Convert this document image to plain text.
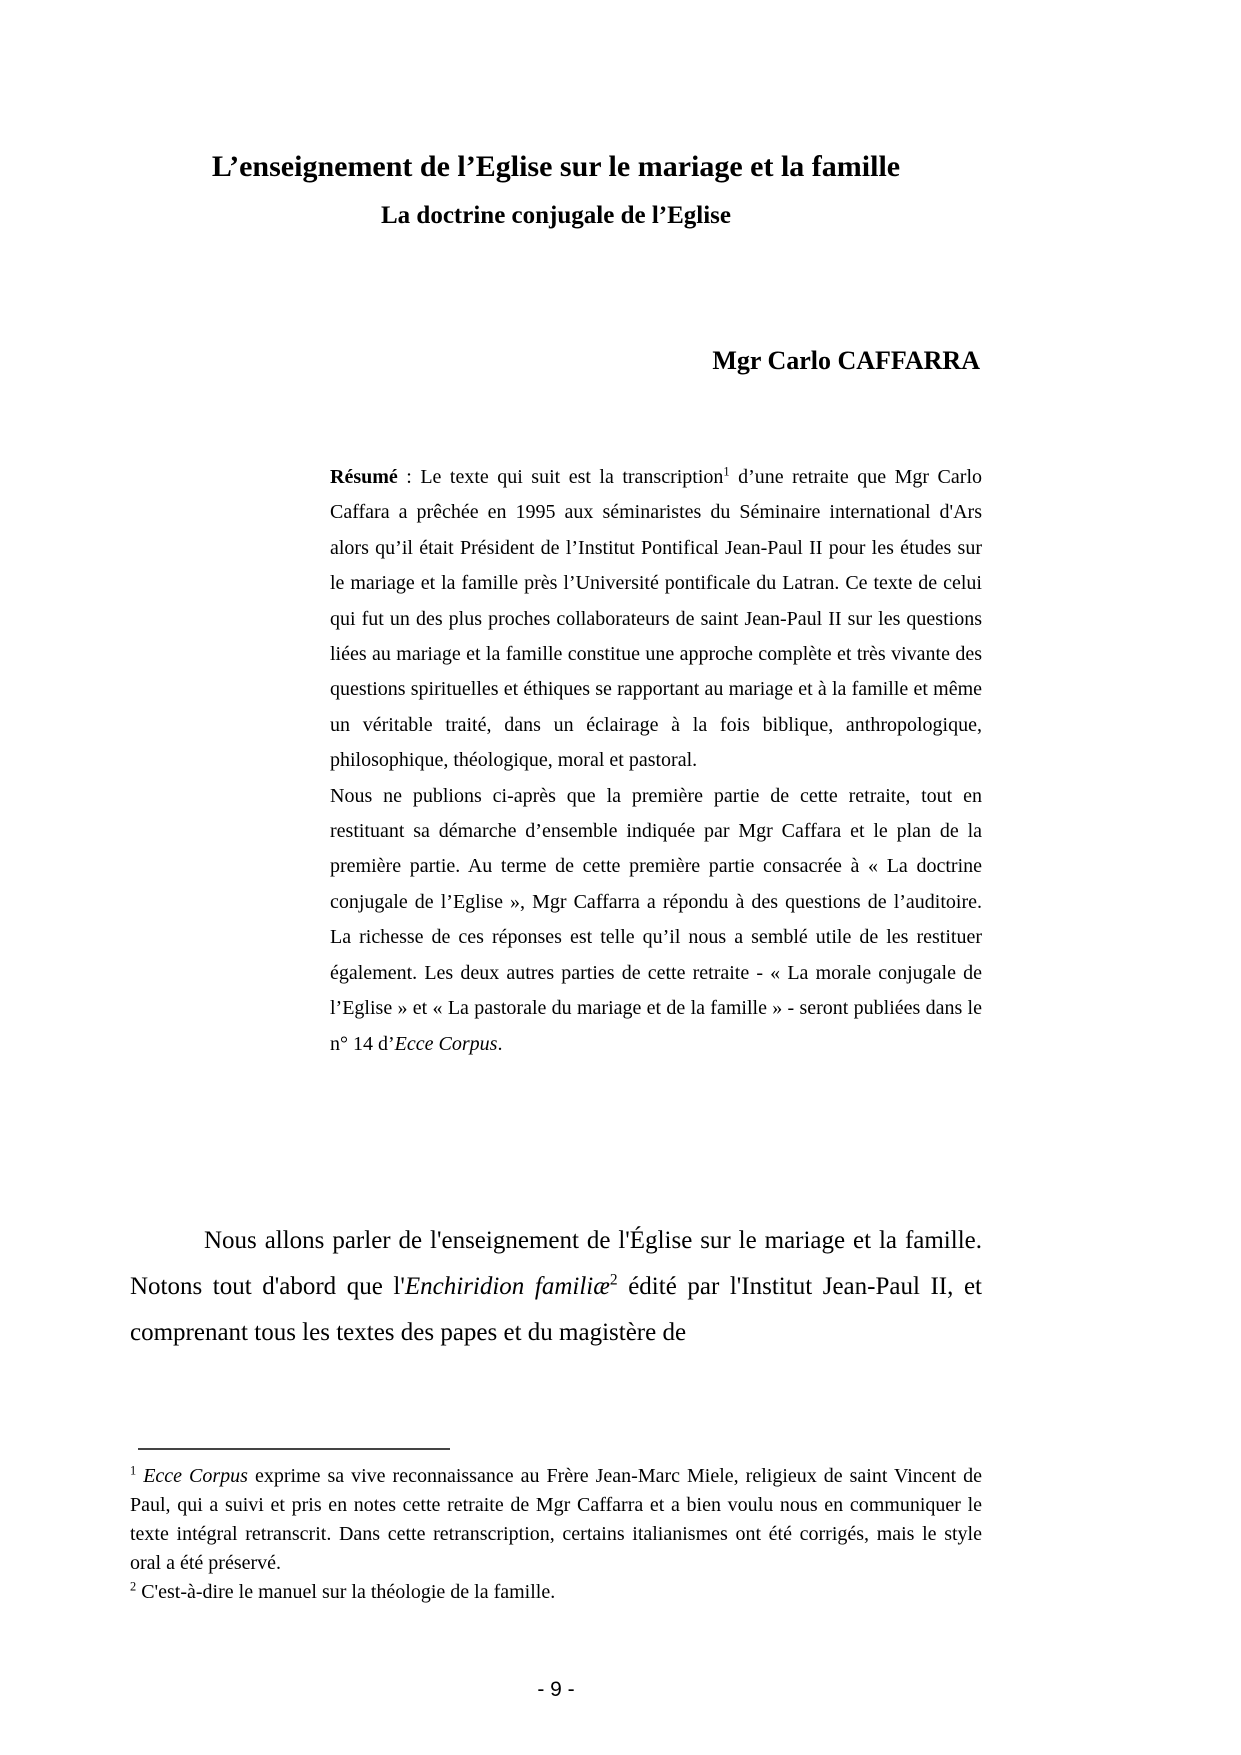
L’enseignement de l’Eglise sur le mariage et la famille
La doctrine conjugale de l’Eglise

Mgr Carlo CAFFARRA

Résumé : Le texte qui suit est la transcription$^1$ d’une retraite que Mgr Carlo Caffara a prêchée en 1995 aux séminaristes du Séminaire international d'Ars alors qu’il était Président de l’Institut Pontifical Jean-Paul II pour les études sur le mariage et la famille près l’Université pontificale du Latran. Ce texte de celui qui fut un des plus proches collaborateurs de saint Jean-Paul II sur les questions liées au mariage et la famille constitue une approche complète et très vivante des questions spirituelles et éthiques se rapportant au mariage et à la famille et même un véritable traité, dans un éclairage à la fois biblique, anthropologique, philosophique, théologique, moral et pastoral.

Nous ne publions ci-après que la première partie de cette retraite, tout en restituant sa démarche d’ensemble indiquée par Mgr Caffara et le plan de la première partie. Au terme de cette première partie consacrée à « La doctrine conjugale de l’Eglise », Mgr Caffarra a répondu à des questions de l’auditoire. La richesse de ces réponses est telle qu’il nous a semblé utile de les restituer également. Les deux autres parties de cette retraite - « La morale conjugale de l’Eglise » et « La pastorale du mariage et de la famille » - seront publiées dans le n° 14 d’Ecce Corpus.

Nous allons parler de l'enseignement de l'Église sur le mariage et la famille. Notons tout d'abord que l'Enchiridion familiæ$^2$ édité par l'Institut Jean-Paul II, et comprenant tous les textes des papes et du magistère de

$^1$ Ecce Corpus exprime sa vive reconnaissance au Frère Jean-Marc Miele, religieux de saint Vincent de Paul, qui a suivi et pris en notes cette retraite de Mgr Caffarra et a bien voulu nous en communiquer le texte intégral retranscrit. Dans cette retranscription, certains italianismes ont été corrigés, mais le style oral a été préservé.

$^2$ C'est-à-dire le manuel sur la théologie de la famille.

- 9 -
